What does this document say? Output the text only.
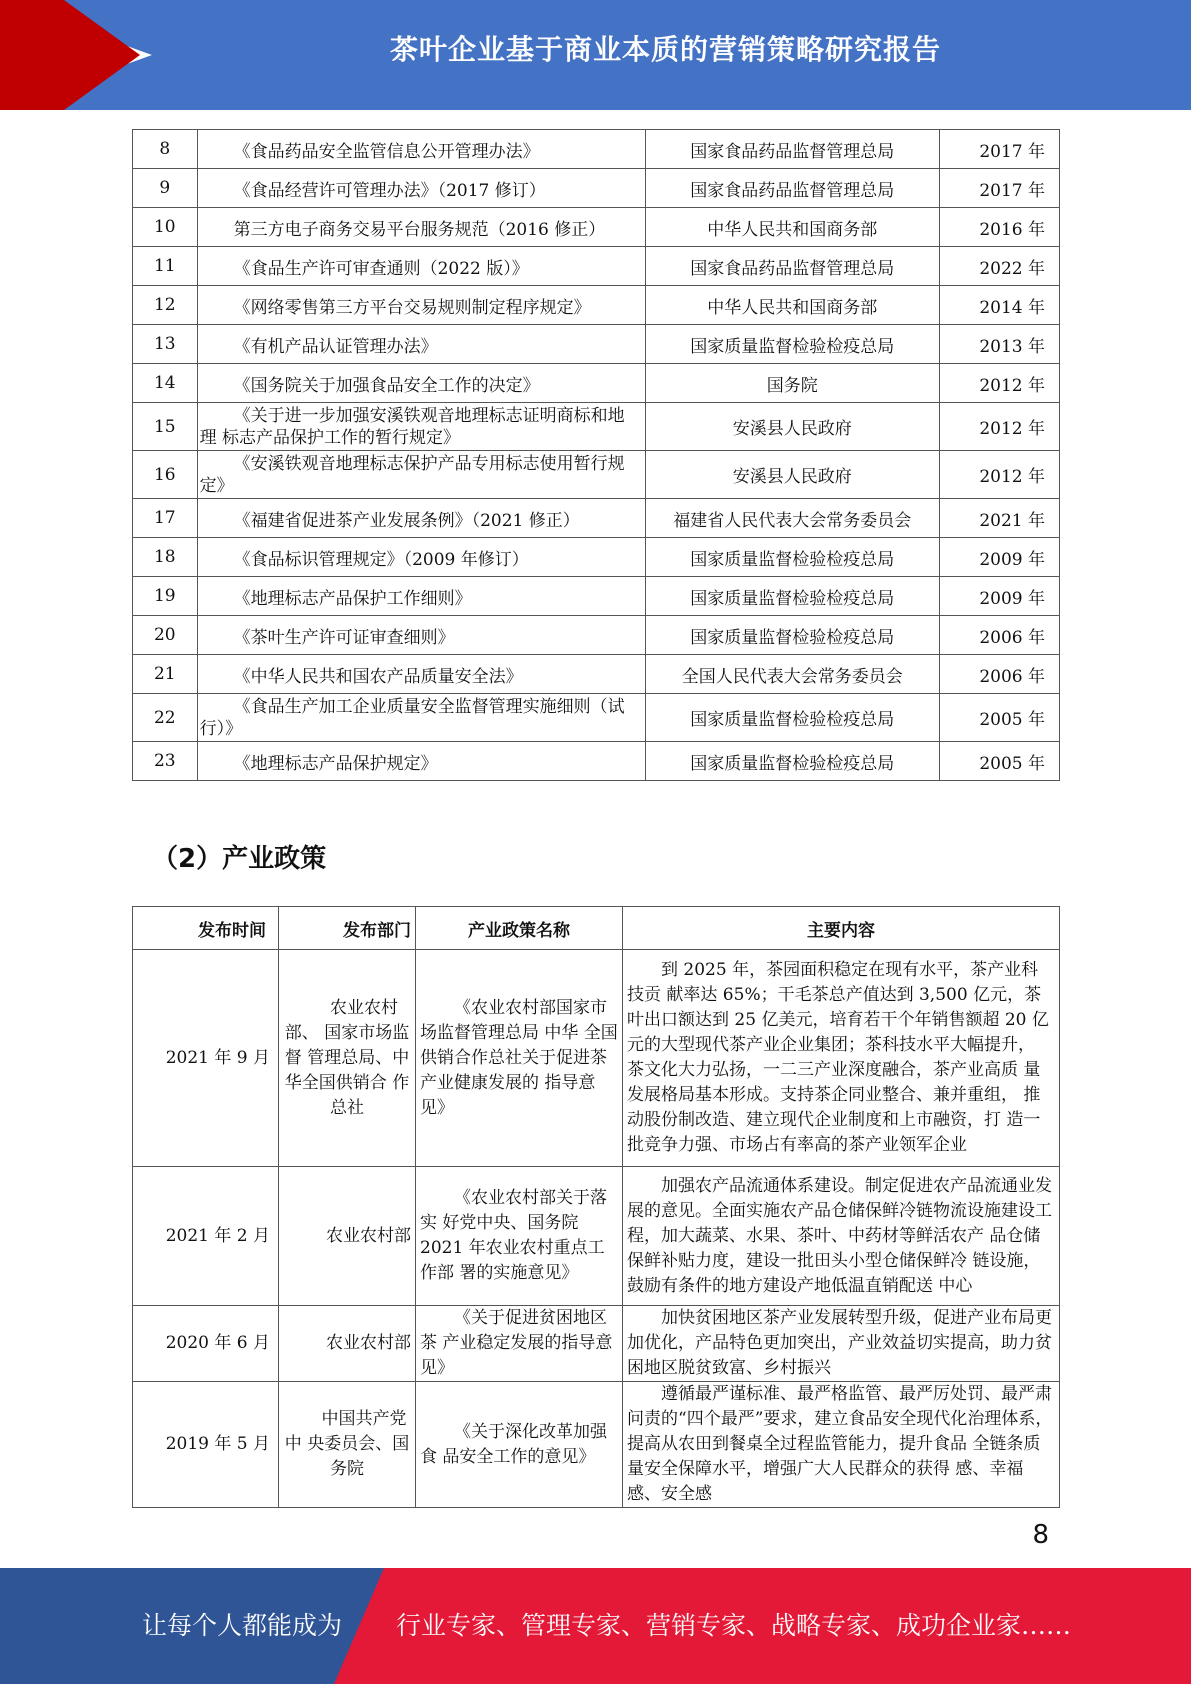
茶叶企业基于商业本质的营销策略研究报告
8	《食品药品安全监管信息公开管理办法》	国家食品药品监督管理总局	2017 年
9	《食品经营许可管理办法》（2017 修订）	国家食品药品监督管理总局	2017 年
10	第三方电子商务交易平台服务规范（2016 修正）	中华人民共和国商务部	2016 年
11	《食品生产许可审查通则（2022 版）》	国家食品药品监督管理总局	2022 年
12	《网络零售第三方平台交易规则制定程序规定》	中华人民共和国商务部	2014 年
13	《有机产品认证管理办法》	国家质量监督检验检疫总局	2013 年
14	《国务院关于加强食品安全工作的决定》	国务院	2012 年
15	《关于进一步加强安溪铁观音地理标志证明商标和地
理 标志产品保护工作的暂行规定》	安溪县人民政府	2012 年
16	《安溪铁观音地理标志保护产品专用标志使用暂行规
定》	安溪县人民政府	2012 年
17	《福建省促进茶产业发展条例》（2021 修正）	福建省人民代表大会常务委员会	2021 年
18	《食品标识管理规定》（2009 年修订）	国家质量监督检验检疫总局	2009 年
19	《地理标志产品保护工作细则》	国家质量监督检验检疫总局	2009 年
20	《茶叶生产许可证审查细则》	国家质量监督检验检疫总局	2006 年
21	《中华人民共和国农产品质量安全法》	全国人民代表大会常务委员会	2006 年
22	《食品生产加工企业质量安全监督管理实施细则（试
行）》	国家质量监督检验检疫总局	2005 年
23	《地理标志产品保护规定》	国家质量监督检验检疫总局	2005 年
（2）产业政策
发布时间	发布部门	产业政策名称	主要内容
2021 年 9 月	农业农村部、 国家市场监督 管理总局、中华全国供销合 作总社	《农业农村部国家市场监督管理总局 中华 全国供销合作总社关于促进茶产业健康发展的 指导意见》	到 2025 年，茶园面积稳定在现有水平，茶产业科技贡 献率达 65%；干毛茶总产值达到 3,500 亿元，茶叶出口额达到 25 亿美元，培育若干个年销售额超 20 亿元的大型现代茶产业企业集团；茶科技水平大幅提升， 茶文化大力弘扬，一二三产业深度融合，茶产业高质 量发展格局基本形成。支持茶企同业整合、兼并重组， 推动股份制改造、建立现代企业制度和上市融资，打 造一批竞争力强、市场占有率高的茶产业领军企业
2021 年 2 月	农业农村部	《农业农村部关于落实 好党中央、国务院 2021 年农业农村重点工作部 署的实施意见》	加强农产品流通体系建设。制定促进农产品流通业发 展的意见。全面实施农产品仓储保鲜冷链物流设施建设工程，加大蔬菜、水果、茶叶、中药材等鲜活农产 品仓储保鲜补贴力度，建设一批田头小型仓储保鲜冷 链设施，鼓励有条件的地方建设产地低温直销配送 中心
2020 年 6 月	农业农村部	《关于促进贫困地区茶 产业稳定发展的指导意 见》	加快贫困地区茶产业发展转型升级，促进产业布局更 加优化，产品特色更加突出，产业效益切实提高，助力贫困地区脱贫致富、乡村振兴
2019 年 5 月	中国共产党中 央委员会、国务院	《关于深化改革加强食 品安全工作的意见》	遵循最严谨标准、最严格监管、最严厉处罚、最严肃 问责的“四个最严”要求，建立食品安全现代化治理体系，提高从农田到餐桌全过程监管能力，提升食品 全链条质量安全保障水平，增强广大人民群众的获得 感、幸福感、安全感
8
让每个人都能成为 行业专家、管理专家、营销专家、战略专家、成功企业家……
